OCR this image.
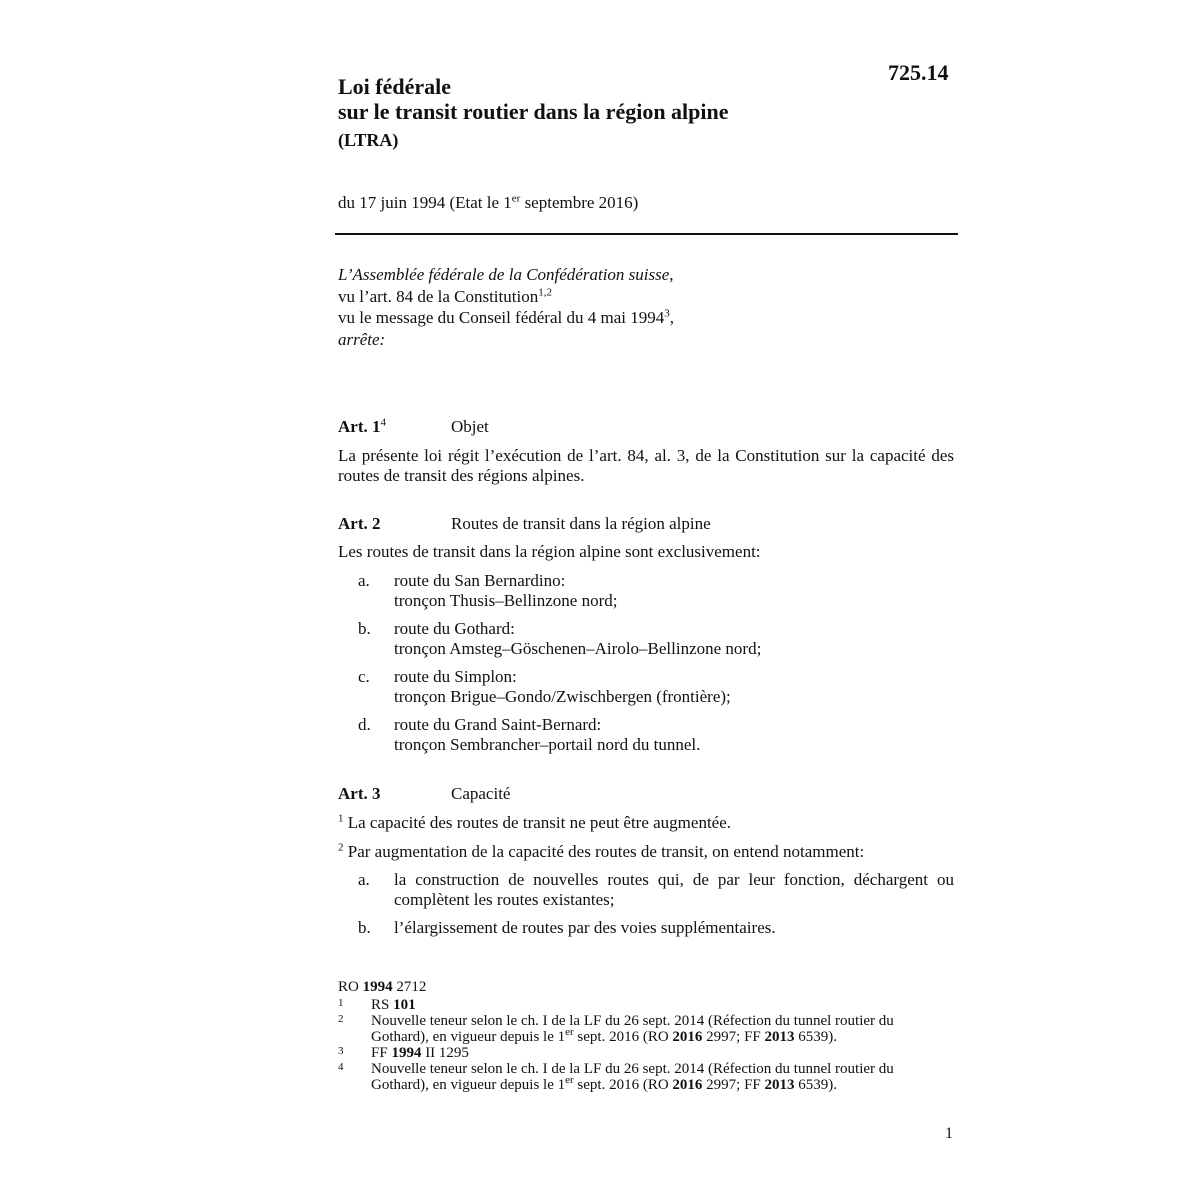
725.14
Loi fédérale
sur le transit routier dans la région alpine
(LTRA)
du 17 juin 1994 (Etat le 1er septembre 2016)
L’Assemblée fédérale de la Confédération suisse,
vu l’art. 84 de la Constitution$^{1,2}$
vu le message du Conseil fédéral du 4 mai 1994$^3$,
arrête:
Art. 1$^4$	Objet
La présente loi régit l’exécution de l’art. 84, al. 3, de la Constitution sur la capacité des routes de transit des régions alpines.
Art. 2	Routes de transit dans la région alpine
Les routes de transit dans la région alpine sont exclusivement:
a. route du San Bernardino:
tronçon Thusis–Bellinzone nord;
b. route du Gothard:
tronçon Amsteg–Göschenen–Airolo–Bellinzone nord;
c. route du Simplon:
tronçon Brigue–Gondo/Zwischbergen (frontière);
d. route du Grand Saint-Bernard:
tronçon Sembrancher–portail nord du tunnel.
Art. 3	Capacité
$^1$ La capacité des routes de transit ne peut être augmentée.
$^2$ Par augmentation de la capacité des routes de transit, on entend notamment:
a. la construction de nouvelles routes qui, de par leur fonction, déchargent ou complètent les routes existantes;
b. l’élargissement de routes par des voies supplémentaires.
RO 1994 2712
1 RS 101
2 Nouvelle teneur selon le ch. I de la LF du 26 sept. 2014 (Réfection du tunnel routier du Gothard), en vigueur depuis le 1er sept. 2016 (RO 2016 2997; FF 2013 6539).
3 FF 1994 II 1295
4 Nouvelle teneur selon le ch. I de la LF du 26 sept. 2014 (Réfection du tunnel routier du Gothard), en vigueur depuis le 1er sept. 2016 (RO 2016 2997; FF 2013 6539).
1
